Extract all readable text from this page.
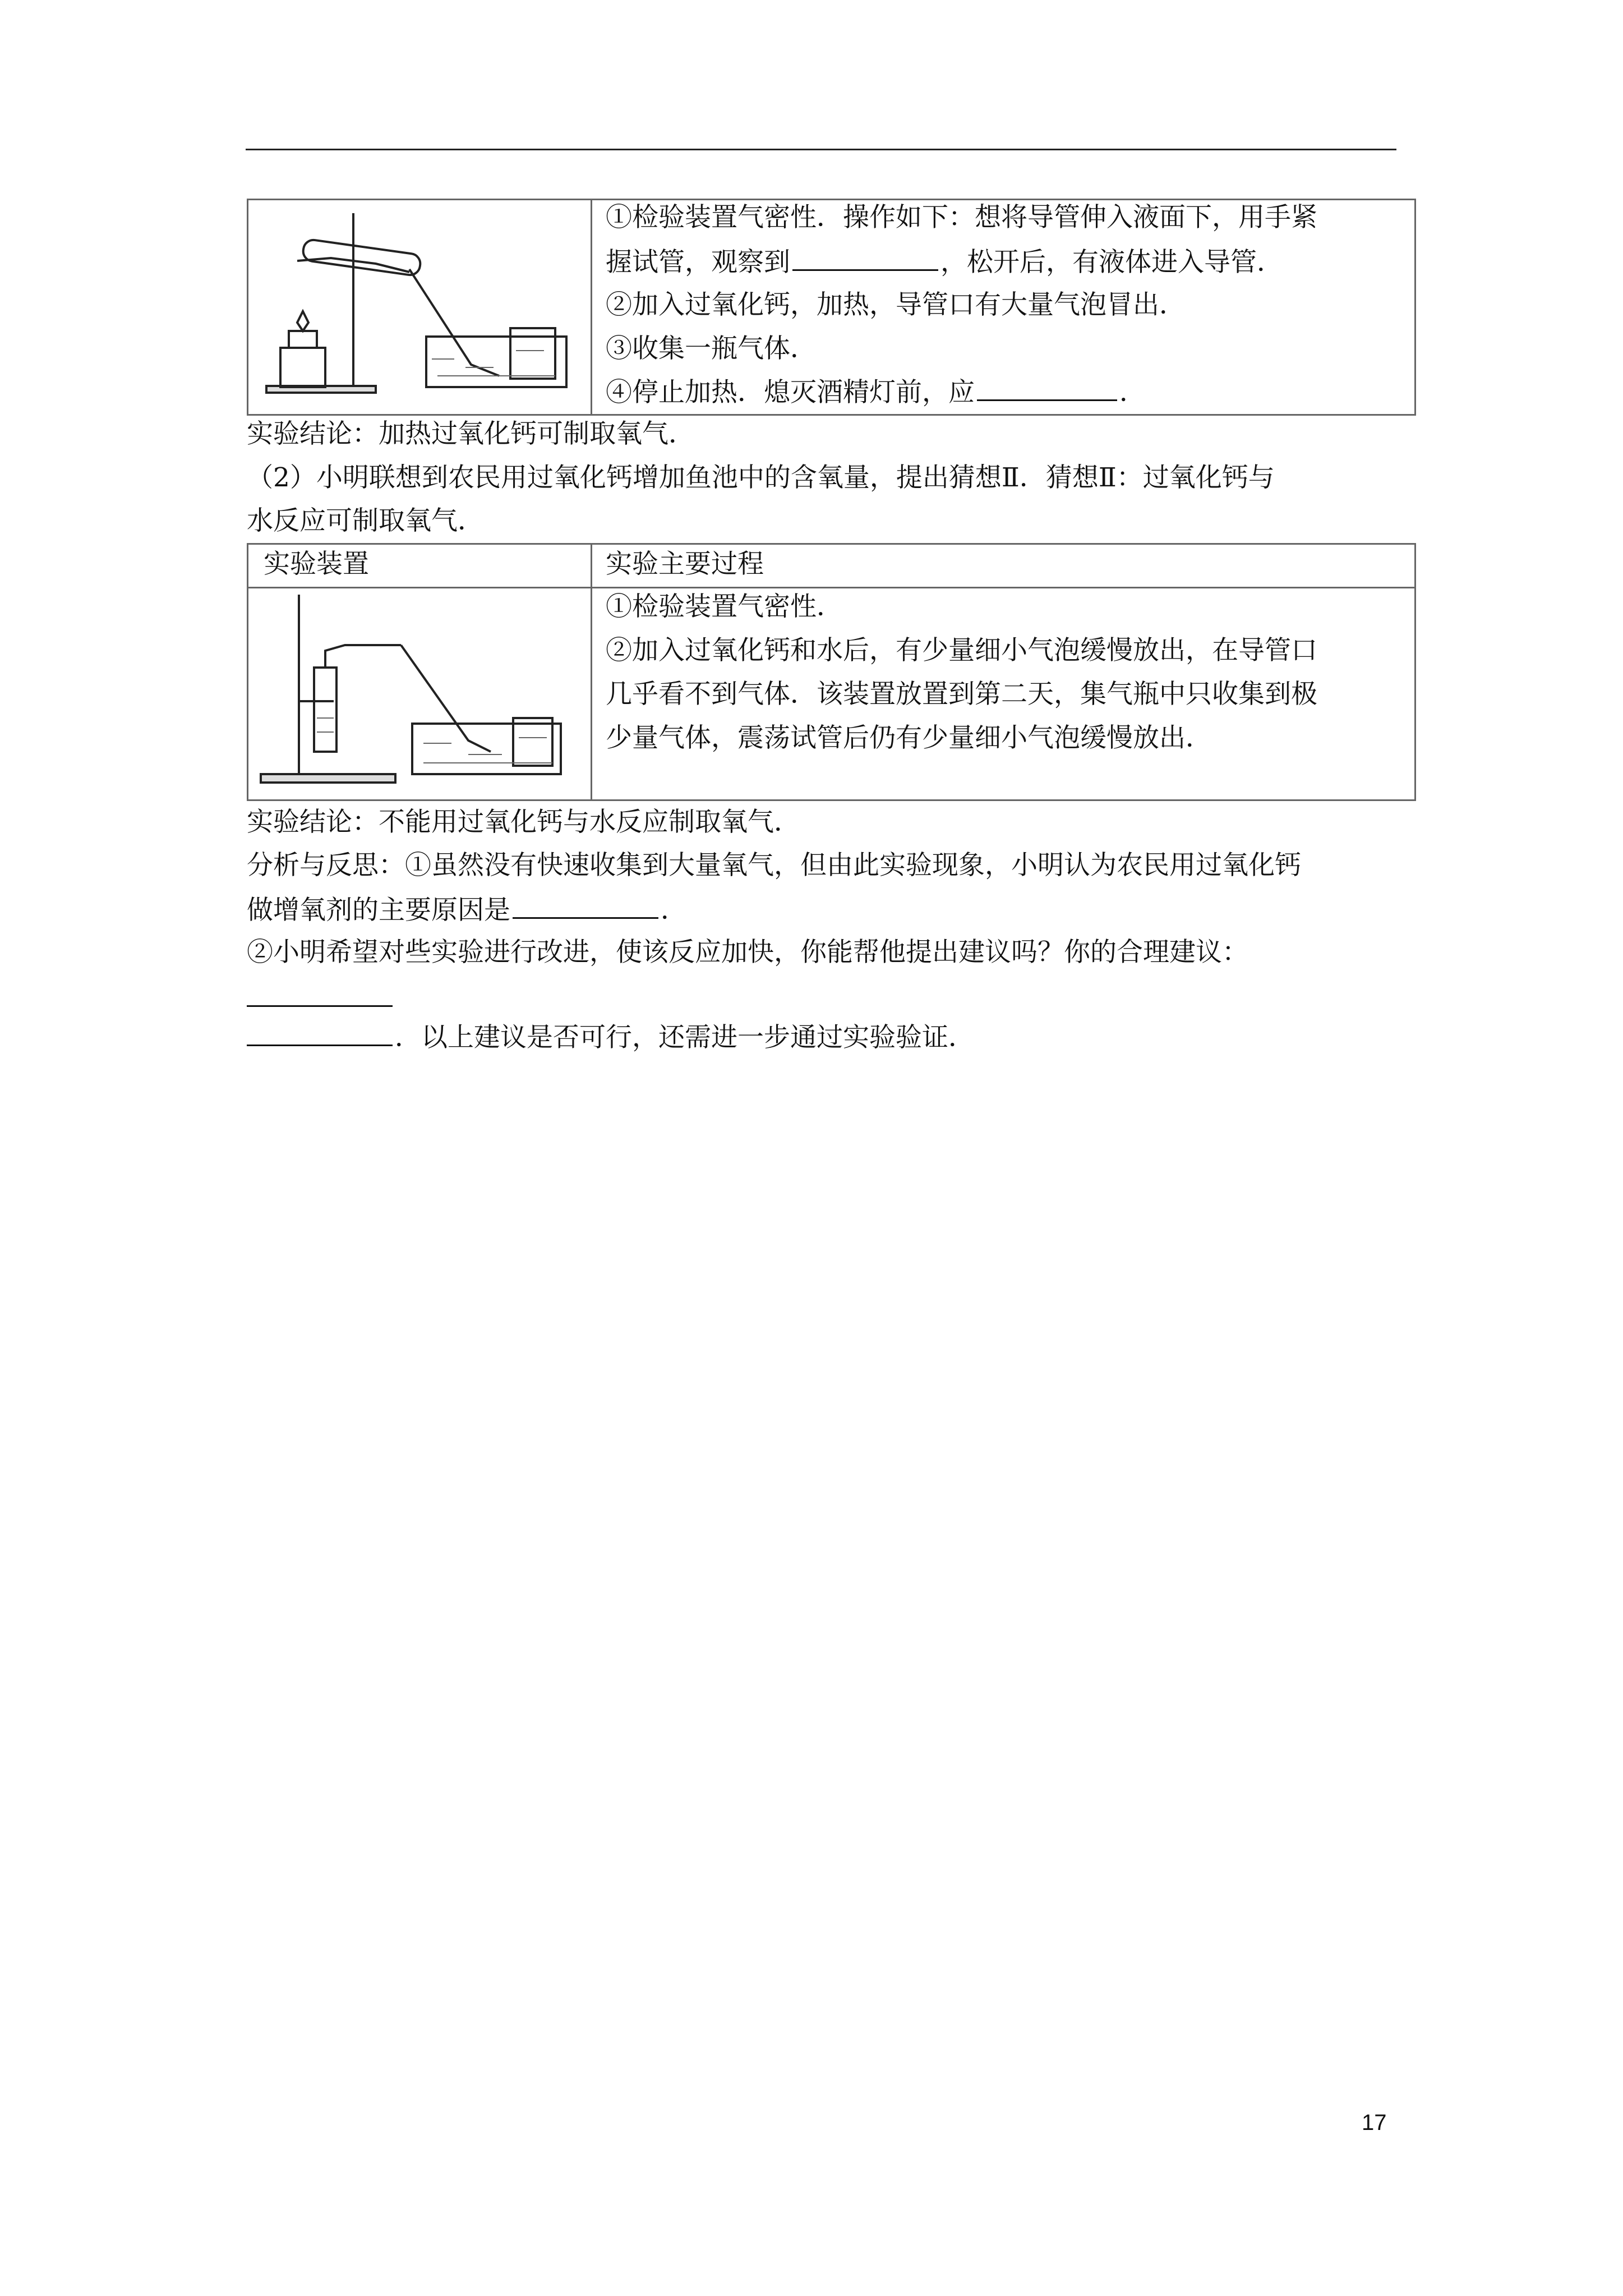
①检验装置气密性．操作如下：想将导管伸入液面下，用手紧
握试管，观察到	，松开后，有液体进入导管．
②加入过氧化钙，加热，导管口有大量气泡冒出．
③收集一瓶气体．
④停止加热．熄灭酒精灯前，应	．
实验结论：加热过氧化钙可制取氧气．
（2）小明联想到农民用过氧化钙增加鱼池中的含氧量，提出猜想Ⅱ．猜想Ⅱ：过氧化钙与
水反应可制取氧气．
实验装置	实验主要过程
①检验装置气密性．
②加入过氧化钙和水后，有少量细小气泡缓慢放出，在导管口
几乎看不到气体．该装置放置到第二天，集气瓶中只收集到极
少量气体，震荡试管后仍有少量细小气泡缓慢放出．
实验结论：不能用过氧化钙与水反应制取氧气．
分析与反思：①虽然没有快速收集到大量氧气，但由此实验现象，小明认为农民用过氧化钙
做增氧剂的主要原因是	．
②小明希望对些实验进行改进，使该反应加快，你能帮他提出建议吗？你的合理建议：
．以上建议是否可行，还需进一步通过实验验证．
17
